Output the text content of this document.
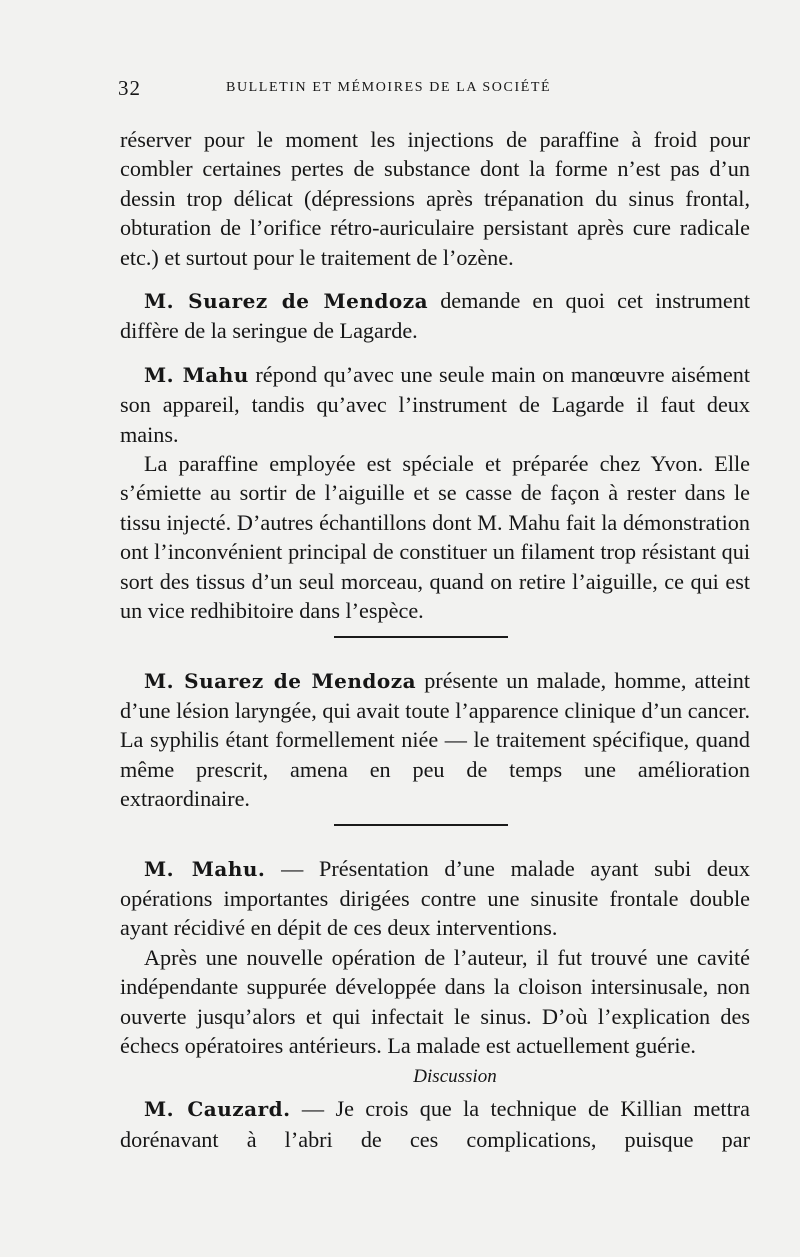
32	BULLETIN ET MÉMOIRES DE LA SOCIÉTÉ

réserver pour le moment les injections de paraffine à froid pour combler certaines pertes de substance dont la forme n’est pas d’un dessin trop délicat (dépressions après trépanation du sinus frontal, obturation de l’orifice rétro-auriculaire persistant après cure radicale etc.) et surtout pour le traitement de l’ozène.

M. Suarez de Mendoza demande en quoi cet instrument diffère de la seringue de Lagarde.

M. Mahu répond qu’avec une seule main on manœuvre aisément son appareil, tandis qu’avec l’instrument de Lagarde il faut deux mains.

La paraffine employée est spéciale et préparée chez Yvon. Elle s’émiette au sortir de l’aiguille et se casse de façon à rester dans le tissu injecté. D’autres échantillons dont M. Mahu fait la démonstration ont l’inconvénient principal de constituer un filament trop résistant qui sort des tissus d’un seul morceau, quand on retire l’aiguille, ce qui est un vice redhibitoire dans l’espèce.

M. Suarez de Mendoza présente un malade, homme, atteint d’une lésion laryngée, qui avait toute l’apparence clinique d’un cancer. La syphilis étant formellement niée — le traitement spécifique, quand même prescrit, amena en peu de temps une amélioration extraordinaire.

M. Mahu. — Présentation d’une malade ayant subi deux opérations importantes dirigées contre une sinusite frontale double ayant récidivé en dépit de ces deux interventions.

Après une nouvelle opération de l’auteur, il fut trouvé une cavité indépendante suppurée développée dans la cloison intersinusale, non ouverte jusqu’alors et qui infectait le sinus. D’où l’explication des échecs opératoires antérieurs. La malade est actuellement guérie.

Discussion

M. Cauzard. — Je crois que la technique de Killian mettra dorénavant à l’abri de ces complications, puisque par
